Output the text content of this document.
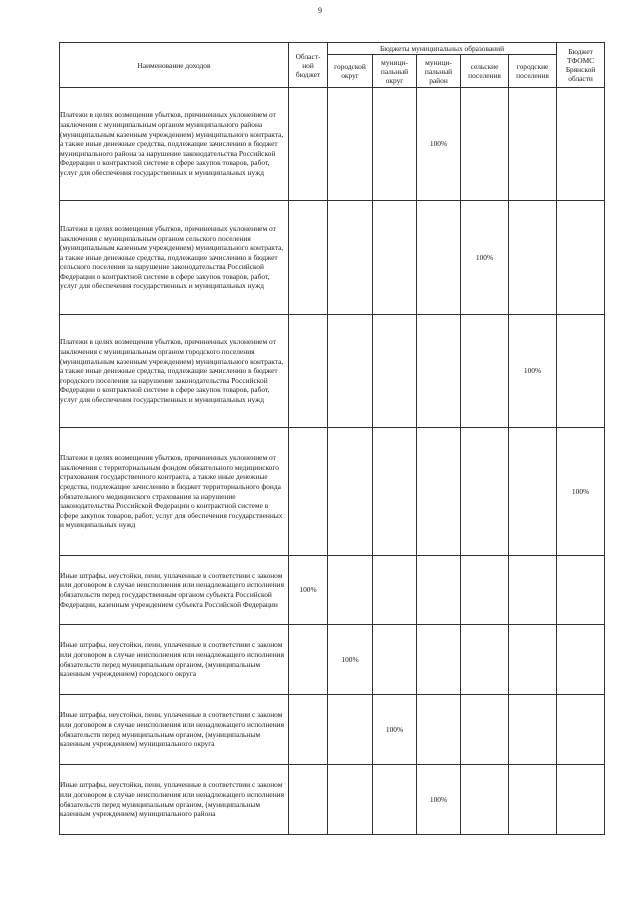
9
Наименование доходов	Област-
ной
бюджет	Бюджеты муниципальных образований					Бюджет
ТФОМС
Брянской
области
		городской
округ	муници-
пальный
округ	муници-
пальный
район	сельские
поселения	городские
поселения	
Платежи в целях возмещения убытков, причиненных уклонением от заключения с муниципальным органом муниципального района (муниципальным казенным учреждением) муниципального контракта, а также иные денежные средства, подлежащие зачислению в бюджет муниципального района за нарушение законодательства Российской Федерации о контрактной системе в сфере закупок товаров, работ, услуг для обеспечения государственных и муниципальных нужд				100%			
Платежи в целях возмещения убытков, причиненных уклонением от заключения с муниципальным органом сельского поселения (муниципальным казенным учреждением) муниципального контракта, а также иные денежные средства, подлежащие зачислению в бюджет сельского поселения за нарушение законодательства Российской Федерации о контрактной системе в сфере закупок товаров, работ, услуг для обеспечения государственных и муниципальных нужд					100%		
Платежи в целях возмещения убытков, причиненных уклонением от заключения с муниципальным органом городского поселения (муниципальным казенным учреждением) муниципального контракта, а также иные денежные средства, подлежащие зачислению в бюджет городского поселения за нарушение законодательства Российской Федерации о контрактной системе в сфере закупок товаров, работ, услуг для обеспечения государственных и муниципальных нужд						100%	
Платежи в целях возмещения убытков, причиненных уклонением от заключения с территориальным фондом обязательного медицинского страхования государственного контракта, а также иные денежные средства, подлежащие зачислению в бюджет территориального фонда обязательного медицинского страхования за нарушение законодательства Российской Федерации о контрактной системе в сфере закупок товаров, работ, услуг для обеспечения государственных и муниципальных нужд							100%
Иные штрафы, неустойки, пени, уплаченные в соответствии с законом или договором в случае неисполнения или ненадлежащего исполнения обязательств перед государственным органом субъекта Российской Федерации, казенным учреждением субъекта Российской Федерации	100%						
Иные штрафы, неустойки, пени, уплаченные в соответствии с законом или договором в случае неисполнения или ненадлежащего исполнения обязательств перед муниципальным органом, (муниципальным казенным учреждением) городского округа		100%					
Иные штрафы, неустойки, пени, уплаченные в соответствии с законом или договором в случае неисполнения или ненадлежащего исполнения обязательств перед муниципальным органом, (муниципальным казенным учреждением) муниципального округа			100%				
Иные штрафы, неустойки, пени, уплаченные в соответствии с законом или договором в случае неисполнения или ненадлежащего исполнения обязательств перед муниципальным органом, (муниципальным казенным учреждением) муниципального района				100%			
